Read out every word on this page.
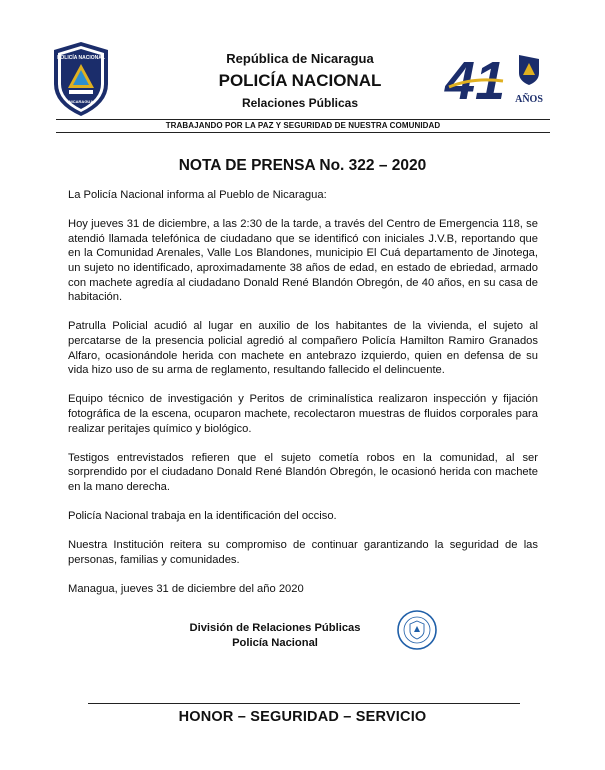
POLICÍA NACIONAL
NICARAGUA
República de Nicaragua
POLICÍA NACIONAL
Relaciones Públicas	41 AÑOS
TRABAJANDO POR LA PAZ Y SEGURIDAD DE NUESTRA COMUNIDAD
NOTA DE PRENSA No. 322 – 2020

La Policía Nacional informa al Pueblo de Nicaragua:

Hoy jueves 31 de diciembre, a las 2:30 de la tarde, a través del Centro de Emergencia 118, se atendió llamada telefónica de ciudadano que se identificó con iniciales J.V.B, reportando que en la Comunidad Arenales, Valle Los Blandones, municipio El Cuá departamento de Jinotega, un sujeto no identificado, aproximadamente 38 años de edad, en estado de ebriedad, armado con machete agredía al ciudadano Donald René Blandón Obregón, de 40 años, en su casa de habitación.

Patrulla Policial acudió al lugar en auxilio de los habitantes de la vivienda, el sujeto al percatarse de la presencia policial agredió al compañero Policía Hamilton Ramiro Granados Alfaro, ocasionándole herida con machete en antebrazo izquierdo, quien en defensa de su vida hizo uso de su arma de reglamento, resultando fallecido el delincuente.

Equipo técnico de investigación y Peritos de criminalística realizaron inspección y fijación fotográfica de la escena, ocuparon machete, recolectaron muestras de fluidos corporales para realizar peritajes químico y biológico.

Testigos entrevistados refieren que el sujeto cometía robos en la comunidad, al ser sorprendido por el ciudadano Donald René Blandón Obregón, le ocasionó herida con machete en la mano derecha.

Policía Nacional trabaja en la identificación del occiso.

Nuestra Institución reitera su compromiso de continuar garantizando la seguridad de las personas, familias y comunidades.

Managua, jueves 31 de diciembre del año 2020

División de Relaciones Públicas
Policía Nacional
HONOR – SEGURIDAD – SERVICIO
